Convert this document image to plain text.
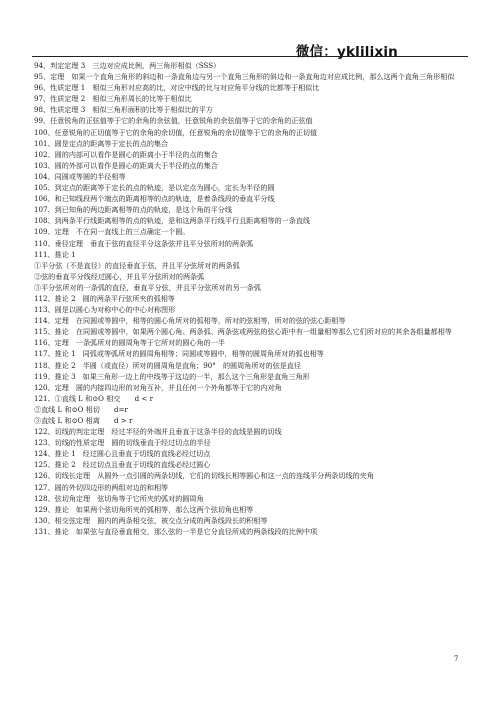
微信：yklilixin
94、判定定理 3　三边对应成比例，两三角形相似（SSS）
95、定理　如果一个直角三角形的斜边和一条直角边与另一个直角三角形的斜边和一条直角边对应成比例，那么这两个直角三角形相似
96、性质定理 1　相似三角形对应高的比，对应中线的比与对应角平分线的比都等于相似比
97、性质定理 2　相似三角形周长的比等于相似比
98、性质定理 3　相似三角形面积的比等于相似比的平方
99、任意锐角的正弦值等于它的余角的余弦值，任意锐角的余弦值等于它的余角的正弦值
100、任意锐角的正切值等于它的余角的余切值，任意锐角的余切值等于它的余角的正切值
101、圆是定点的距离等于定长的点的集合
102、圆的内部可以看作是圆心的距离小于半径的点的集合
103、圆的外部可以看作是圆心的距离大于半径的点的集合
104、同圆或等圆的半径相等
105、到定点的距离等于定长的点的轨迹，是以定点为圆心，定长为半径的圆
106、和已知线段两个端点的距离相等的点的轨迹，是着条线段的垂直平分线
107、到已知角的两边距离相等的点的轨迹，是这个角的平分线
108、到两条平行线距离相等的点的轨迹，是和这两条平行线平行且距离相等的一条直线
109、定理　不在同一直线上的三点确定一个圆。
110、垂径定理　垂直于弦的直径平分这条弦并且平分弦所对的两条弧
111、推论 1
①平分弦（不是直径）的直径垂直于弦，并且平分弦所对的两条弧
②弦的垂直平分线经过圆心，并且平分弦所对的两条弧
③平分弦所对的一条弧的直径，垂直平分弦，并且平分弦所对的另一条弧
112、推论 2　圆的两条平行弦所夹的弧相等
113、圆是以圆心为对称中心的中心对称图形
114、定理　在同圆或等圆中，相等的圆心角所对的弧相等，所对的弦相等，所对的弦的弦心距相等
115、推论　在同圆或等圆中，如果两个圆心角、两条弧、两条弦或两弦的弦心距中有一组量相等那么它们所对应的其余各组量都相等
116、定理　一条弧所对的圆周角等于它所对的圆心角的一半
117、推论 1　同弧或等弧所对的圆周角相等；同圆或等圆中，相等的圆周角所对的弧也相等
118、推论 2　半圆（或直径）所对的圆周角是直角；90°　的圆周角所对的弦是直径
119、推论 3　如果三角形一边上的中线等于这边的一半，那么这个三角形是直角三角形
120、定理　圆的内接四边形的对角互补，并且任何一个外角都等于它的内对角
121、①直线 L 和⊙O 相交　　d < r
②直线 L 和⊙O 相切　　d=r
③直线 L 和⊙O 相离　　d > r
122、切线的判定定理　经过半径的外端并且垂直于这条半径的直线是圆的切线
123、切线的性质定理　圆的切线垂直于经过切点的半径
124、推论 1　经过圆心且垂直于切线的直线必经过切点
125、推论 2　经过切点且垂直于切线的直线必经过圆心
126、切线长定理　从圆外一点引圆的两条切线，它们的切线长相等圆心和这一点的连线平分两条切线的夹角
127、圆的外切四边形的两组对边的和相等
128、弦切角定理　弦切角等于它所夹的弧对的圆周角
129、推论　如果两个弦切角所夹的弧相等，那么这两个弦切角也相等
130、相交弦定理　圆内的两条相交弦，被交点分成的两条线段长的积相等
131、推论　如果弦与直径垂直相交，那么弦的一半是它分直径所成的两条线段的比例中项
7
